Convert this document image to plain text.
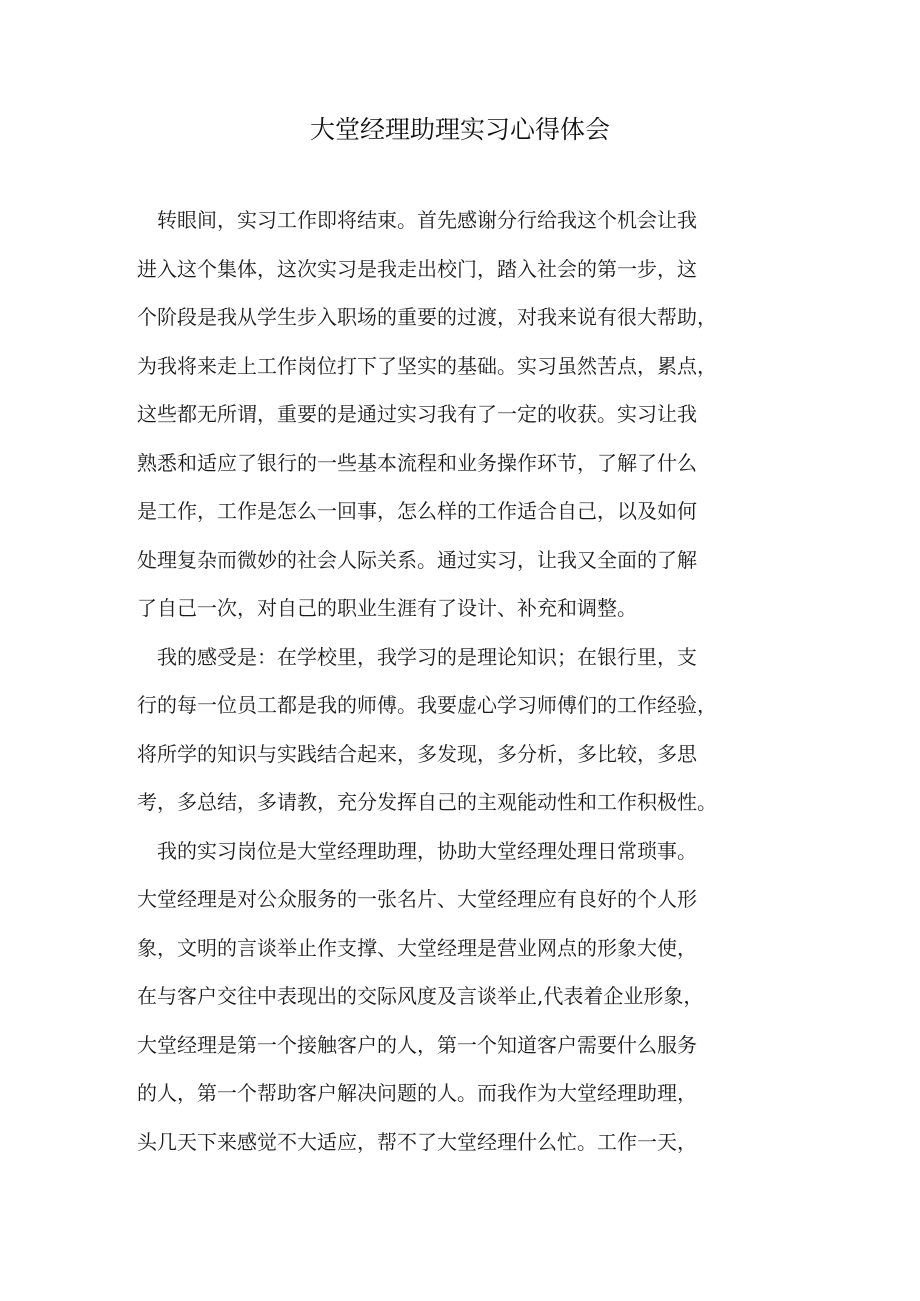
大堂经理助理实习心得体会

　转眼间，实习工作即将结束。首先感谢分行给我这个机会让我

进入这个集体，这次实习是我走出校门，踏入社会的第一步，这

个阶段是我从学生步入职场的重要的过渡，对我来说有很大帮助，

为我将来走上工作岗位打下了坚实的基础。实习虽然苦点，累点，

这些都无所谓，重要的是通过实习我有了一定的收获。实习让我

熟悉和适应了银行的一些基本流程和业务操作环节，了解了什么

是工作，工作是怎么一回事，怎么样的工作适合自己，以及如何

处理复杂而微妙的社会人际关系。通过实习，让我又全面的了解

了自己一次，对自己的职业生涯有了设计、补充和调整。

　我的感受是：在学校里，我学习的是理论知识；在银行里，支

行的每一位员工都是我的师傅。我要虚心学习师傅们的工作经验，

将所学的知识与实践结合起来，多发现，多分析，多比较，多思

考，多总结，多请教，充分发挥自己的主观能动性和工作积极性。

　我的实习岗位是大堂经理助理，协助大堂经理处理日常琐事。

大堂经理是对公众服务的一张名片、大堂经理应有良好的个人形

象，文明的言谈举止作支撑、大堂经理是营业网点的形象大使，

在与客户交往中表现出的交际风度及言谈举止,代表着企业形象，

大堂经理是第一个接触客户的人，第一个知道客户需要什么服务

的人，第一个帮助客户解决问题的人。而我作为大堂经理助理，

头几天下来感觉不大适应，帮不了大堂经理什么忙。工作一天，
